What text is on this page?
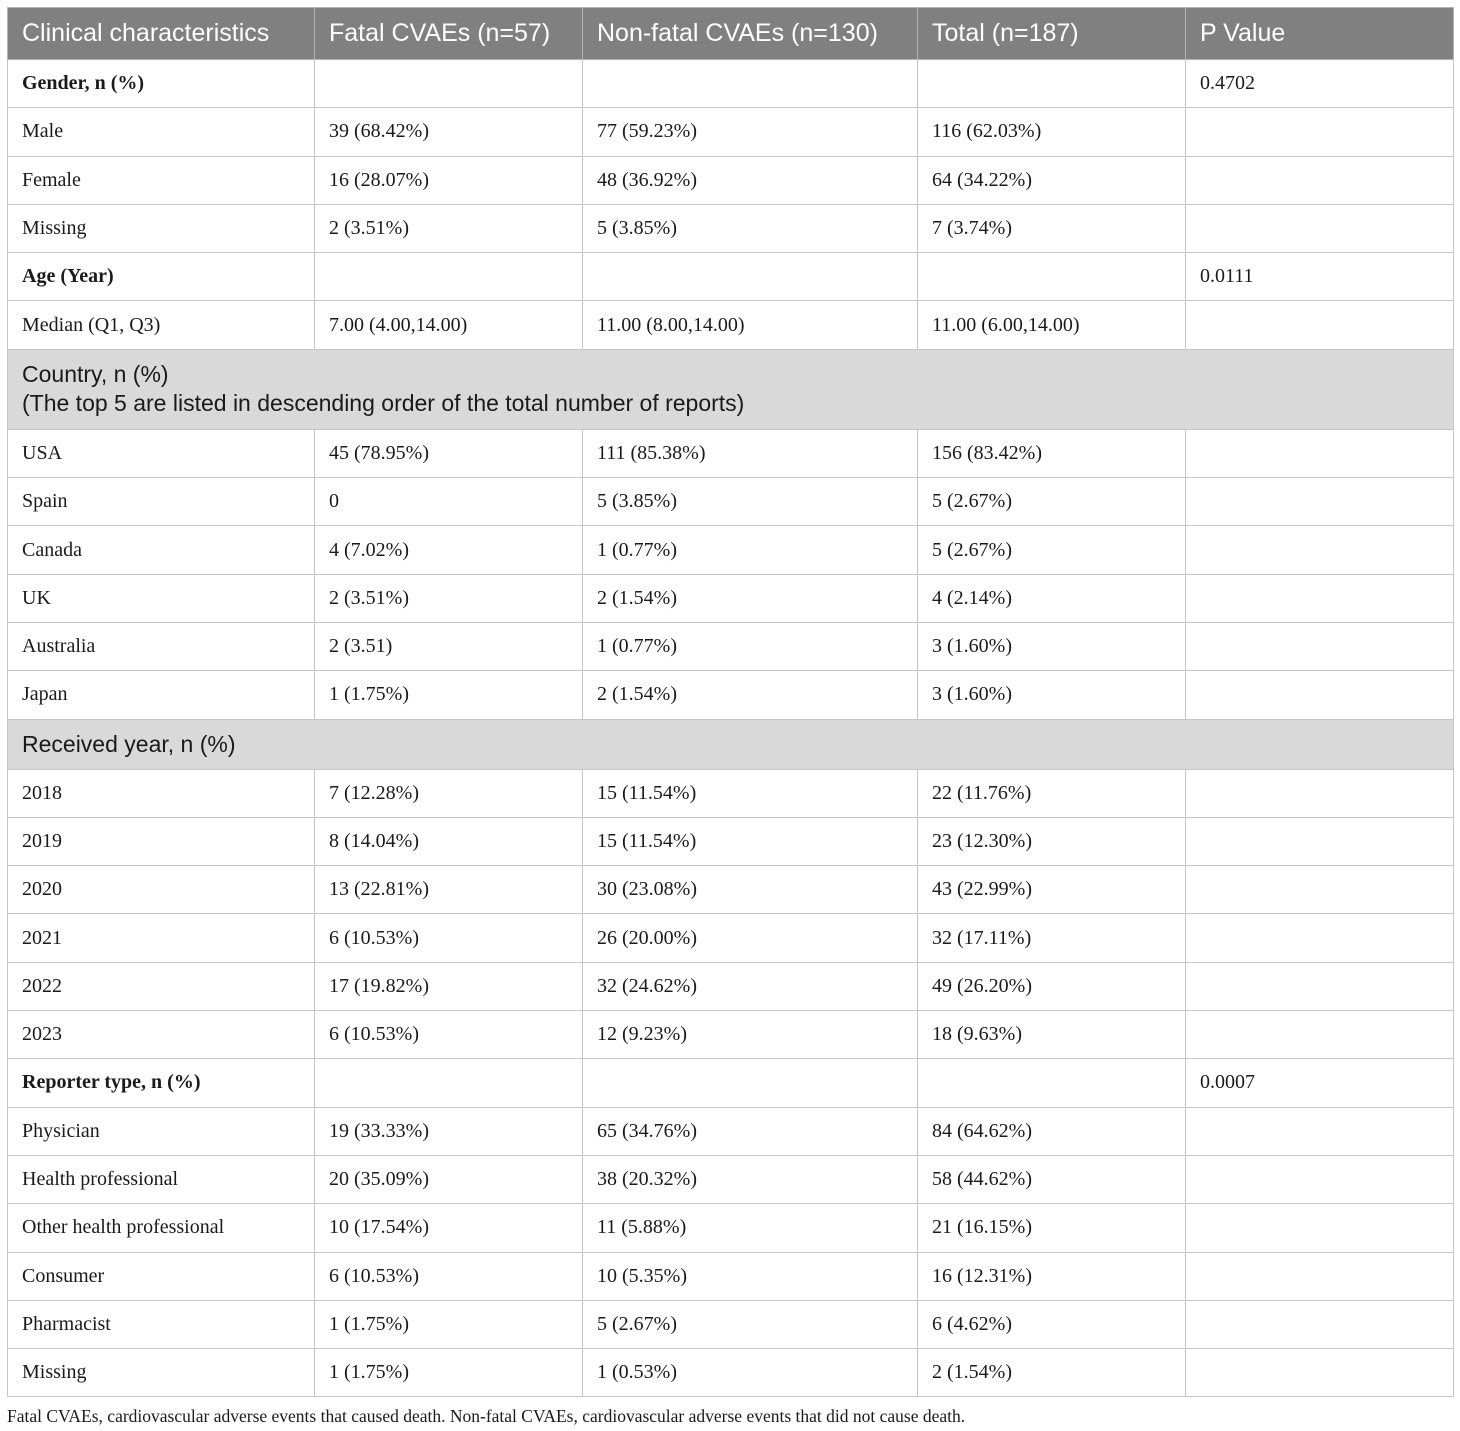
Clinical characteristics	Fatal CVAEs (n=57)	Non-fatal CVAEs (n=130)	Total (n=187)	P Value
Gender, n (%)				0.4702
Male	39 (68.42%)	77 (59.23%)	116 (62.03%)	
Female	16 (28.07%)	48 (36.92%)	64 (34.22%)	
Missing	2 (3.51%)	5 (3.85%)	7 (3.74%)	
Age (Year)				0.0111
Median (Q1, Q3)	7.00 (4.00,14.00)	11.00 (8.00,14.00)	11.00 (6.00,14.00)	

Country, n (%)
(The top 5 are listed in descending order of the total number of reports)				

USA	45 (78.95%)	111 (85.38%)	156 (83.42%)	
Spain	0	5 (3.85%)	5 (2.67%)	
Canada	4 (7.02%)	1 (0.77%)	5 (2.67%)	
UK	2 (3.51%)	2 (1.54%)	4 (2.14%)	
Australia	2 (3.51)	1 (0.77%)	3 (1.60%)	
Japan	1 (1.75%)	2 (1.54%)	3 (1.60%)	

Received year, n (%)				

2018	7 (12.28%)	15 (11.54%)	22 (11.76%)	
2019	8 (14.04%)	15 (11.54%)	23 (12.30%)	
2020	13 (22.81%)	30 (23.08%)	43 (22.99%)	
2021	6 (10.53%)	26 (20.00%)	32 (17.11%)	
2022	17 (19.82%)	32 (24.62%)	49 (26.20%)	
2023	6 (10.53%)	12 (9.23%)	18 (9.63%)	
Reporter type, n (%)				0.0007
Physician	19 (33.33%)	65 (34.76%)	84 (64.62%)	
Health professional	20 (35.09%)	38 (20.32%)	58 (44.62%)	
Other health professional	10 (17.54%)	11 (5.88%)	21 (16.15%)	
Consumer	6 (10.53%)	10 (5.35%)	16 (12.31%)	
Pharmacist	1 (1.75%)	5 (2.67%)	6 (4.62%)	
Missing	1 (1.75%)	1 (0.53%)	2 (1.54%)	

Fatal CVAEs, cardiovascular adverse events that caused death. Non-fatal CVAEs, cardiovascular adverse events that did not cause death.
